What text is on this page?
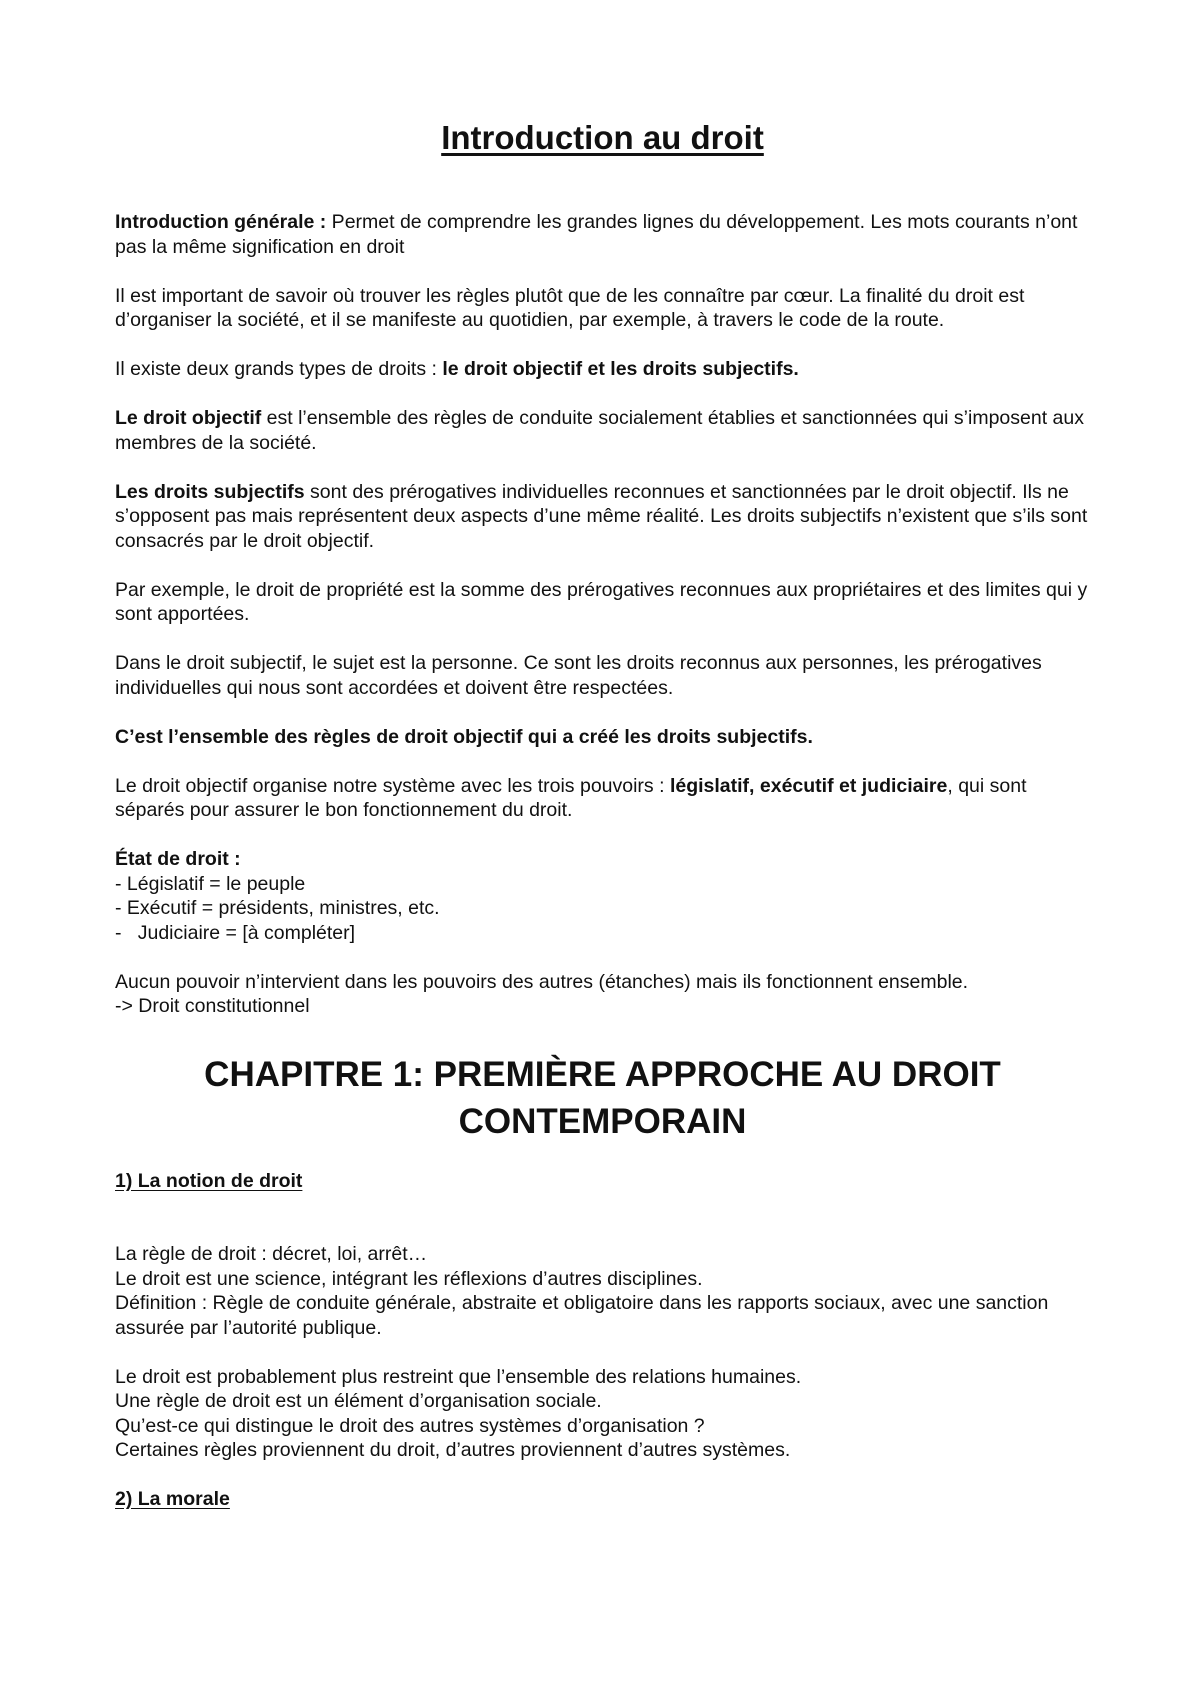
Introduction au droit

Introduction générale : Permet de comprendre les grandes lignes du développement. Les mots courants n’ont pas la même signification en droit

Il est important de savoir où trouver les règles plutôt que de les connaître par cœur. La finalité du droit est d’organiser la société, et il se manifeste au quotidien, par exemple, à travers le code de la route.

Il existe deux grands types de droits : le droit objectif et les droits subjectifs.

Le droit objectif est l’ensemble des règles de conduite socialement établies et sanctionnées qui s’imposent aux membres de la société.

Les droits subjectifs sont des prérogatives individuelles reconnues et sanctionnées par le droit objectif. Ils ne s’opposent pas mais représentent deux aspects d’une même réalité. Les droits subjectifs n’existent que s’ils sont consacrés par le droit objectif.

Par exemple, le droit de propriété est la somme des prérogatives reconnues aux propriétaires et des limites qui y sont apportées.

Dans le droit subjectif, le sujet est la personne. Ce sont les droits reconnus aux personnes, les prérogatives individuelles qui nous sont accordées et doivent être respectées.

C’est l’ensemble des règles de droit objectif qui a créé les droits subjectifs.

Le droit objectif organise notre système avec les trois pouvoirs : législatif, exécutif et judiciaire, qui sont séparés pour assurer le bon fonctionnement du droit.

État de droit :
- Législatif = le peuple
- Exécutif = présidents, ministres, etc.
-   Judiciaire = [à compléter]

Aucun pouvoir n’intervient dans les pouvoirs des autres (étanches) mais ils fonctionnent ensemble.

-> Droit constitutionnel

CHAPITRE 1: PREMIÈRE APPROCHE AU DROIT
CONTEMPORAIN
1) La notion de droit

La règle de droit : décret, loi, arrêt…

Le droit est une science, intégrant les réflexions d’autres disciplines.

Définition : Règle de conduite générale, abstraite et obligatoire dans les rapports sociaux, avec une sanction assurée par l’autorité publique.

Le droit est probablement plus restreint que l’ensemble des relations humaines.

Une règle de droit est un élément d’organisation sociale.

Qu’est-ce qui distingue le droit des autres systèmes d’organisation ?

Certaines règles proviennent du droit, d’autres proviennent d’autres systèmes.

2) La morale
